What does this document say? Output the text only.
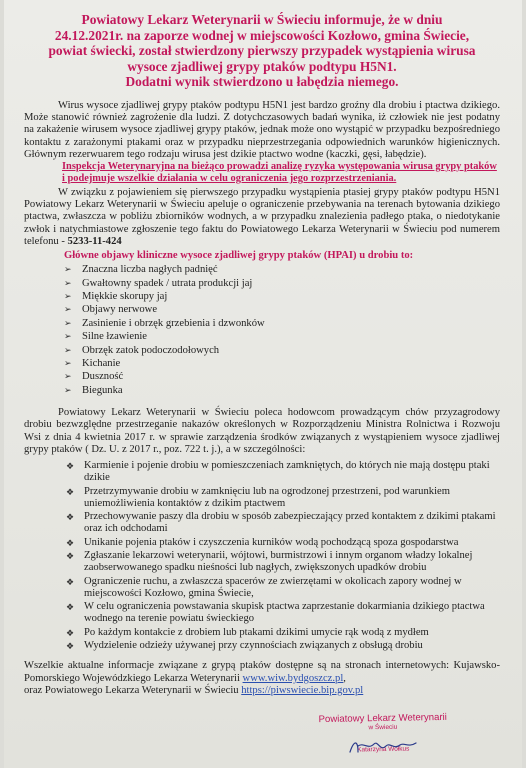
Powiatowy Lekarz Weterynarii w Świeciu informuje, że w dniu
24.12.2021r. na zaporze wodnej w miejscowości Kozłowo, gmina Świecie,
powiat świecki, został stwierdzony pierwszy przypadek wystąpienia wirusa
wysoce zjadliwej grypy ptaków podtypu H5N1.
Dodatni wynik stwierdzono u łabędzia niemego.

Wirus wysoce zjadliwej grypy ptaków podtypu H5N1 jest bardzo groźny dla drobiu i ptactwa dzikiego. Może stanowić również zagrożenie dla ludzi. Z dotychczasowych badań wynika, iż człowiek nie jest podatny na zakażenie wirusem wysoce zjadliwej grypy ptaków, jednak może ono wystąpić w przypadku bezpośredniego kontaktu z zarażonymi ptakami oraz w przypadku nieprzestrzegania odpowiednich warunków higienicznych. Głównym rezerwuarem tego rodzaju wirusa jest dzikie ptactwo wodne (kaczki, gęsi, łabędzie).

Inspekcja Weterynaryjna na bieżąco prowadzi analizę ryzyka występowania wirusa grypy ptaków i podejmuje wszelkie działania w celu ograniczenia jego rozprzestrzeniania.

W związku z pojawieniem się pierwszego przypadku wystąpienia ptasiej grypy ptaków podtypu H5N1 Powiatowy Lekarz Weterynarii w Świeciu apeluje o ograniczenie przebywania na terenach bytowania dzikiego ptactwa, zwłaszcza w pobliżu zbiorników wodnych, a w przypadku znalezienia padłego ptaka, o niedotykanie zwłok i natychmiastowe zgłoszenie tego faktu do Powiatowego Lekarza Weterynarii w Świeciu pod numerem telefonu - 5233-11-424

Główne objawy kliniczne wysoce zjadliwej grypy ptaków (HPAI) u drobiu to:
➢ Znaczna liczba nagłych padnięć
➢ Gwałtowny spadek / utrata produkcji jaj
➢ Miękkie skorupy jaj
➢ Objawy nerwowe
➢ Zasinienie i obrzęk grzebienia i dzwonków
➢ Silne łzawienie
➢ Obrzęk zatok podoczodołowych
➢ Kichanie
➢ Duszność
➢ Biegunka

Powiatowy Lekarz Weterynarii w Świeciu poleca hodowcom prowadzącym chów przyzagrodowy drobiu bezwzględne przestrzeganie nakazów określonych w Rozporządzeniu Ministra Rolnictwa i Rozwoju Wsi z dnia 4 kwietnia 2017 r. w sprawie zarządzenia środków związanych z wystąpieniem wysoce zjadliwej grypy ptaków ( Dz. U. z 2017 r., poz. 722 t. j.), a w szczególności:

❖ Karmienie i pojenie drobiu w pomieszczeniach zamkniętych, do których nie mają dostępu ptaki dzikie
❖ Przetrzymywanie drobiu w zamknięciu lub na ogrodzonej przestrzeni, pod warunkiem uniemożliwienia kontaktów z dzikim ptactwem
❖ Przechowywanie paszy dla drobiu w sposób zabezpieczający przed kontaktem z dzikimi ptakami oraz ich odchodami
❖ Unikanie pojenia ptaków i czyszczenia kurników wodą pochodzącą spoza gospodarstwa
❖ Zgłaszanie lekarzowi weterynarii, wójtowi, burmistrzowi i innym organom władzy lokalnej zaobserwowanego spadku nieśności lub nagłych, zwiększonych upadków drobiu
❖ Ograniczenie ruchu, a zwłaszcza spacerów ze zwierzętami w okolicach zapory wodnej w miejscowości Kozłowo, gmina Świecie,
❖ W celu ograniczenia powstawania skupisk ptactwa zaprzestanie dokarmiania dzikiego ptactwa wodnego na terenie powiatu świeckiego
❖ Po każdym kontakcie z drobiem lub ptakami dzikimi umycie rąk wodą z mydłem
❖ Wydzielenie odzieży używanej przy czynnościach związanych z obsługą drobiu

Wszelkie aktualne informacje związane z grypą ptaków dostępne są na stronach internetowych: Kujawsko-Pomorskiego Wojewódzkiego Lekarza Weterynarii www.wiw.bydgoszcz.pl,
oraz Powiatowego Lekarza Weterynarii w Świeciu https://piwswiecie.bip.gov.pl

Powiatowy Lekarz Weterynarii
w Świeciu
Katarzyna Wołkus
